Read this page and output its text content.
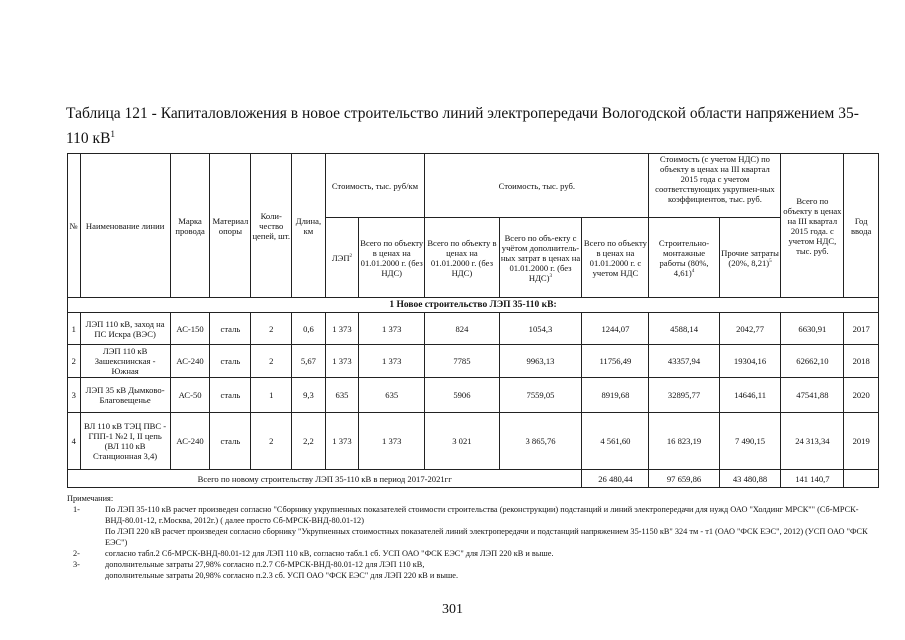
Таблица 121 - Капиталовложения в новое строительство линий электропередачи Вологодской области напряжением 35-110 $кВ^1$
№	Наименование линии	Марка провода	Материал опоры	Коли-чество цепей, шт.	Длина, км	Стоимость, тыс. руб/км		Стоимость, тыс. руб.			Стоимость (с учетом НДС) по объекту в ценах на III квартал 2015 года с учетом соответствующих укрупнен-ных коэффициентов, тыс. руб.		Всего по объекту в ценах на III квартал 2015 года. с учетом НДС, тыс. руб.	Год ввода
						ЛЭП$^2$	Всего по объекту в ценах на 01.01.2000 г. (без НДС)	Всего по объекту в ценах на 01.01.2000 г. (без НДС)	Всего по объ-екту с учётом дополнитель-ных затрат в ценах на 01.01.2000 г. (без НДС)$^3$	Всего по объекту в ценах на 01.01.2000 г. с учетом НДС	Строительно-монтажные работы (80%, 4,61)$^4$	Прочие затраты (20%, 8,21)$^5$
1 Новое строительство ЛЭП 35-110 кВ:														
1	ЛЭП 110 кВ, заход на ПС Искра (ВЭС)	АС-150	сталь	2	0,6	1 373	1 373	824	1054,3	1244,07	4588,14	2042,77	6630,91	2017
2	ЛЭП 110 кВ Зашекснинская - Южная	АС-240	сталь	2	5,67	1 373	1 373	7785	9963,13	11756,49	43357,94	19304,16	62662,10	2018
3	ЛЭП 35 кВ Дымково-Благовещенье	АС-50	сталь	1	9,3	635	635	5906	7559,05	8919,68	32895,77	14646,11	47541,88	2020
4	ВЛ 110 кВ ТЭЦ ПВС - ГПП-1 №2 I, II цепь (ВЛ 110 кВ Станционная 3,4)	АС-240	сталь	2	2,2	1 373	1 373	3 021	3 865,76	4 561,60	16 823,19	7 490,15	24 313,34	2019
Всего по новому строительству ЛЭП 35-110 кВ в период 2017-2021гг										26 480,44	97 659,86	43 480,88	141 140,7	
Примечания:
1-	По ЛЭП 35-110 кВ расчет произведен согласно "Сборнику укрупненных показателей стоимости строительства (реконструкции) подстанций и линий электропередачи для нужд ОАО "Холдинг МРСК"" (Сб-МРСК-ВНД-80.01-12, г.Москва, 2012г.) ( далее просто Сб-МРСК-ВНД-80.01-12)
По ЛЭП 220 кВ расчет произведен согласно сборнику "Укрупненных стоимостных показателей линий электропередачи и подстанций напряжением 35-1150 кВ" 324 тм - т1 (ОАО "ФСК ЕЭС", 2012) (УСП ОАО "ФСК ЕЭС")
2-	согласно табл.2 Сб-МРСК-ВНД-80.01-12 для ЛЭП 110 кВ, согласно табл.1 сб. УСП ОАО "ФСК ЕЭС" для ЛЭП 220 кВ и выше.
3-	дополнительные затраты 27,98% согласно п.2.7 Сб-МРСК-ВНД-80.01-12 для ЛЭП 110 кВ,
дополнительные затраты 20,98% согласно п.2.3 сб. УСП ОАО "ФСК ЕЭС" для ЛЭП 220 кВ и выше.
301
